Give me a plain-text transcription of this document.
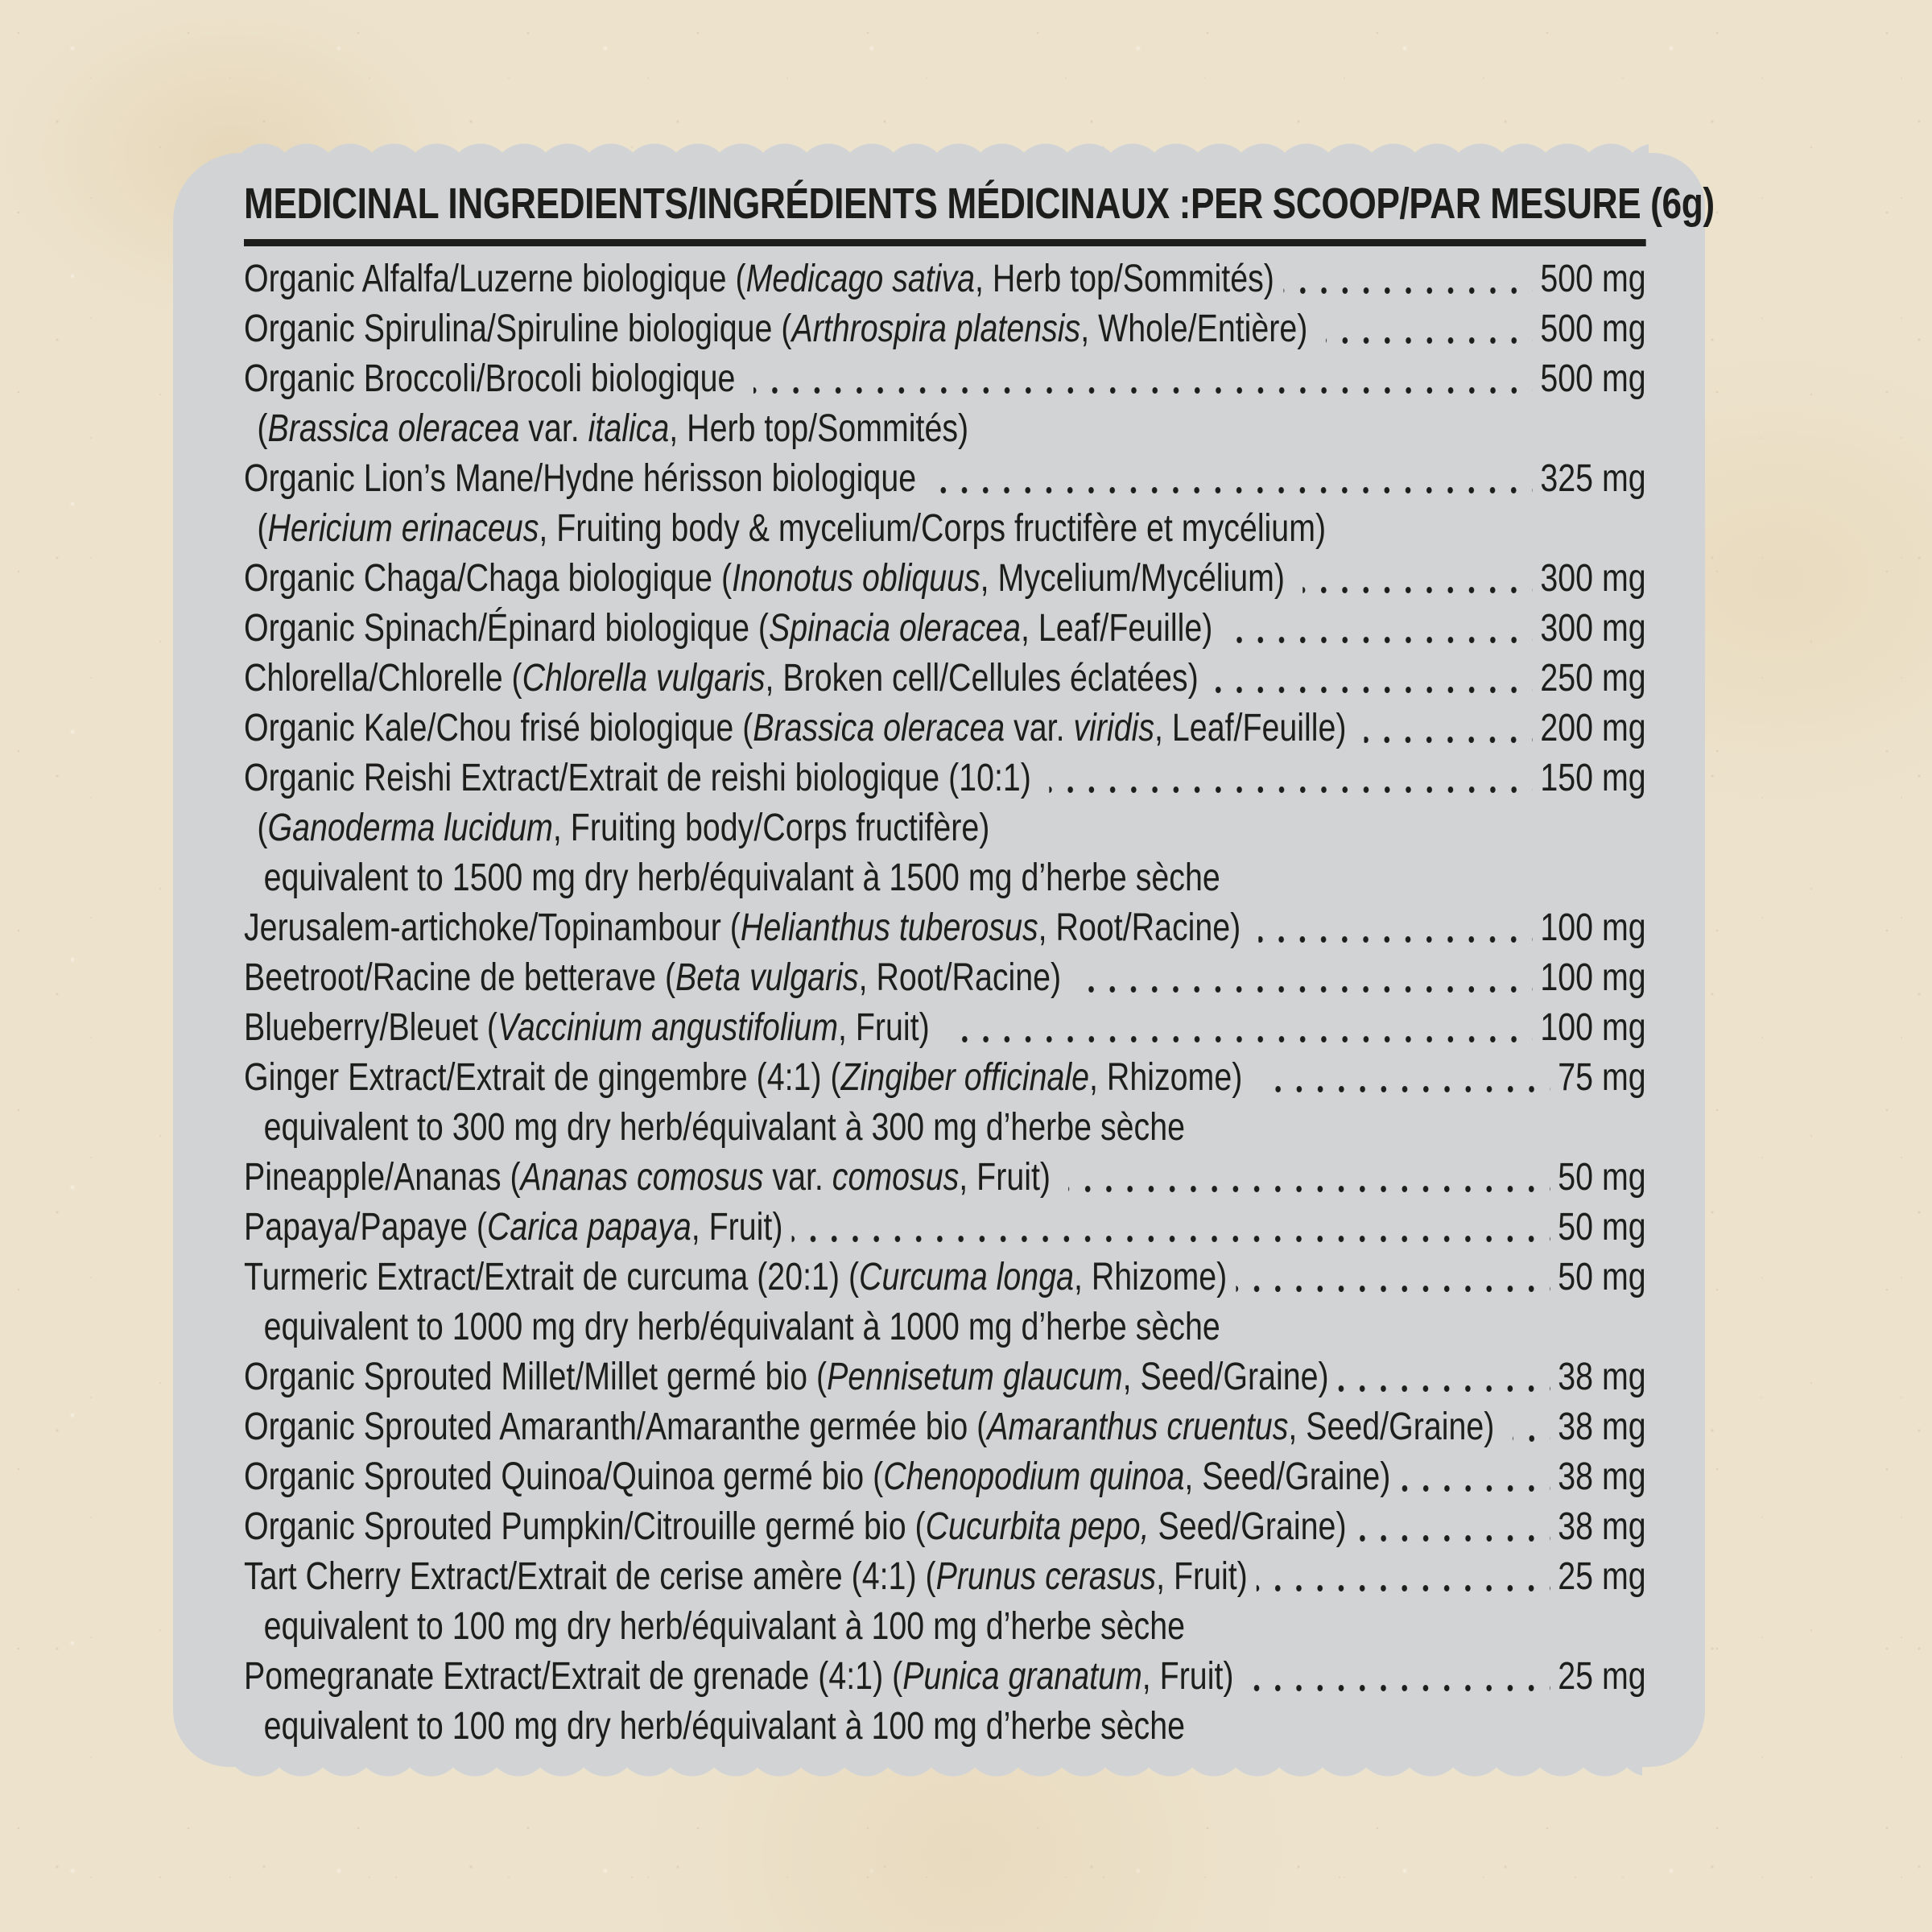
MEDICINAL INGREDIENTS/INGRÉDIENTS MÉDICINAUX : PER SCOOP/PAR MESURE (6g)
Organic Alfalfa/Luzerne biologique (Medicago sativa, Herb top/Sommités)	500 mg
Organic Spirulina/Spiruline biologique (Arthrospira platensis, Whole/Entière)	500 mg
Organic Broccoli/Brocoli biologique	500 mg
(Brassica oleracea var. italica, Herb top/Sommités)
Organic Lion’s Mane/Hydne hérisson biologique	325 mg
(Hericium erinaceus, Fruiting body & mycelium/Corps fructifère et mycélium)
Organic Chaga/Chaga biologique (Inonotus obliquus, Mycelium/Mycélium)	300 mg
Organic Spinach/Épinard biologique (Spinacia oleracea, Leaf/Feuille)	300 mg
Chlorella/Chlorelle (Chlorella vulgaris, Broken cell/Cellules éclatées)	250 mg
Organic Kale/Chou frisé biologique (Brassica oleracea var. viridis, Leaf/Feuille)	200 mg
Organic Reishi Extract/Extrait de reishi biologique (10:1)	150 mg
(Ganoderma lucidum, Fruiting body/Corps fructifère)
equivalent to 1500 mg dry herb/équivalant à 1500 mg d’herbe sèche
Jerusalem-artichoke/Topinambour (Helianthus tuberosus, Root/Racine)	100 mg
Beetroot/Racine de betterave (Beta vulgaris, Root/Racine)	100 mg
Blueberry/Bleuet (Vaccinium angustifolium, Fruit)	100 mg
Ginger Extract/Extrait de gingembre (4:1) (Zingiber officinale, Rhizome)	75 mg
equivalent to 300 mg dry herb/équivalant à 300 mg d’herbe sèche
Pineapple/Ananas (Ananas comosus var. comosus, Fruit)	50 mg
Papaya/Papaye (Carica papaya, Fruit)	50 mg
Turmeric Extract/Extrait de curcuma (20:1) (Curcuma longa, Rhizome)	50 mg
equivalent to 1000 mg dry herb/équivalant à 1000 mg d’herbe sèche
Organic Sprouted Millet/Millet germé bio (Pennisetum glaucum, Seed/Graine)	38 mg
Organic Sprouted Amaranth/Amaranthe germée bio (Amaranthus cruentus, Seed/Graine) 38 mg
Organic Sprouted Quinoa/Quinoa germé bio (Chenopodium quinoa, Seed/Graine)	38 mg
Organic Sprouted Pumpkin/Citrouille germé bio (Cucurbita pepo, Seed/Graine)	38 mg
Tart Cherry Extract/Extrait de cerise amère (4:1) (Prunus cerasus, Fruit)	25 mg
equivalent to 100 mg dry herb/équivalant à 100 mg d’herbe sèche
Pomegranate Extract/Extrait de grenade (4:1) (Punica granatum, Fruit)	25 mg
equivalent to 100 mg dry herb/équivalant à 100 mg d’herbe sèche
